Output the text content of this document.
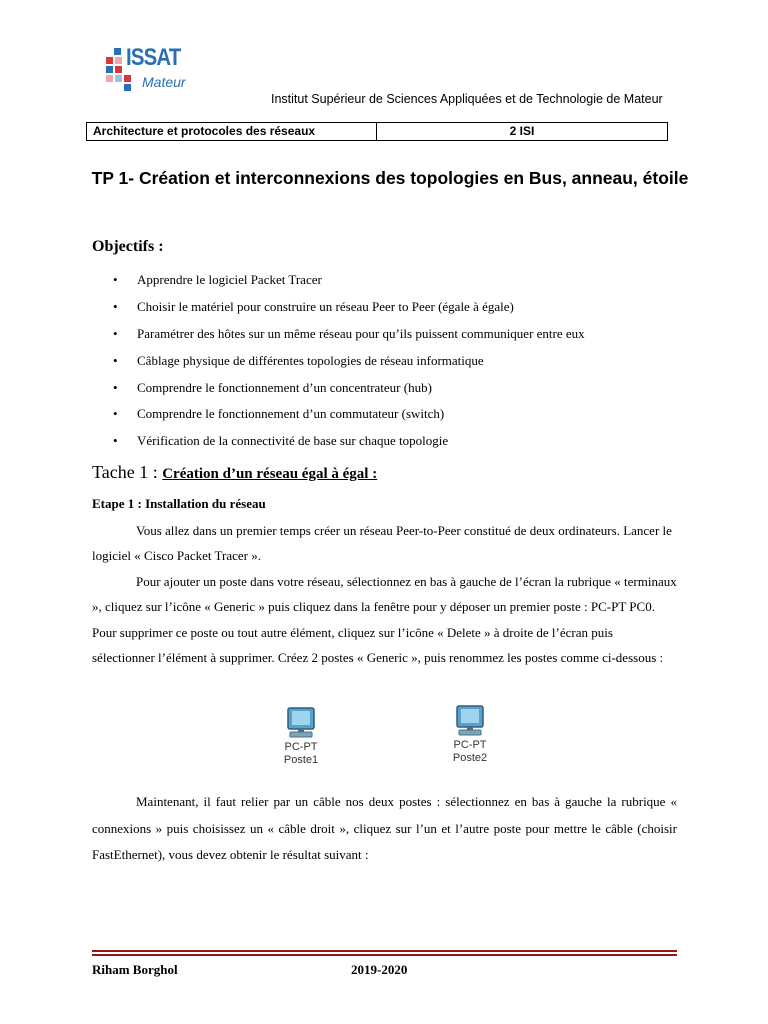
ISSAT
Mateur
Institut Supérieur de Sciences Appliquées et de Technologie de Mateur
Architecture et protocoles des réseaux	2 ISI
TP 1- Création et interconnexions des topologies en Bus, anneau, étoile
Objectifs :
• Apprendre le logiciel Packet Tracer
• Choisir le matériel pour construire un réseau Peer to Peer (égale à égale)
• Paramétrer des hôtes sur un même réseau pour qu’ils puissent communiquer entre eux
• Câblage physique de différentes topologies de réseau informatique
• Comprendre le fonctionnement d’un concentrateur (hub)
• Comprendre le fonctionnement d’un commutateur (switch)
• Vérification de la connectivité de base sur chaque topologie
Tache 1 : Création d’un réseau égal à égal :
Etape 1 : Installation du réseau

Vous allez dans un premier temps créer un réseau Peer-to-Peer constitué de deux ordinateurs. Lancer le logiciel « Cisco Packet Tracer ».

Pour ajouter un poste dans votre réseau, sélectionnez en bas à gauche de l’écran la rubrique « terminaux », cliquez sur l’icône « Generic » puis cliquez dans la fenêtre pour y déposer un premier poste : PC-PT PC0. Pour supprimer ce poste ou tout autre élément, cliquez sur l’icône « Delete » à droite de l’écran puis sélectionner l’élément à supprimer. Créez 2 postes « Generic », puis renommez les postes comme ci-dessous :

PC-PT
Poste1
PC-PT
Poste2

Maintenant, il faut relier par un câble nos deux postes : sélectionnez en bas à gauche la rubrique « connexions » puis choisissez un « câble droit », cliquez sur l’un et l’autre poste pour mettre le câble (choisir FastEthernet), vous devez obtenir le résultat suivant :

Riham Borghol	2019-2020
